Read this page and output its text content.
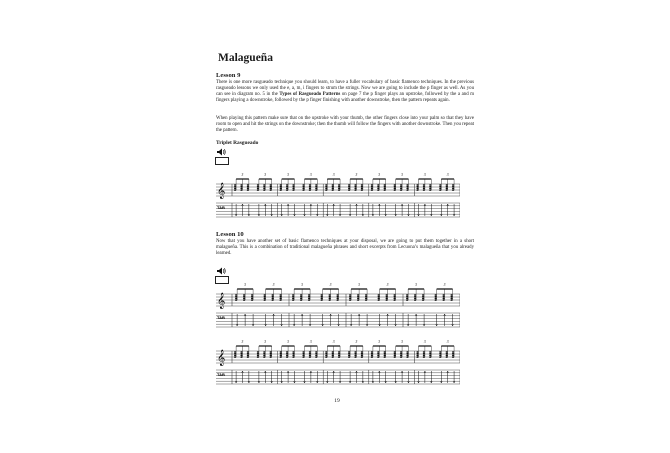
Malagueña
Lesson 9

There is one more rasgueado technique you should learn, to have a fuller vocabulary of basic flamenco techniques. In the previous rasgueado lessons we only used the e, a, m, i fingers to strum the strings. Now we are going to include the p finger as well. As you can see in diagram no. 5 in the Types of Rasgueado Patterns on page 7 the p finger plays an upstroke, followed by the a and m fingers playing a downstroke, followed by the p finger finishing with another downstroke, then the pattern repeats again.

When playing this pattern make sure that on the upstroke with your thumb, the other fingers close into your palm so that they have room to open and hit the strings on the downstroke; then the thumb will follow the fingers with another downstroke. Then you repeat the pattern.

Triplet Rasgueado
𝄞
TAB
3	3	3	3	3	3	3	3	3	3
Lesson 10

Now that you have another set of basic flamenco techniques at your disposal, we are going to put them together in a short malagueña. This is a combination of traditional malagueña phrases and short excerpts from Lecuona’s malagueña that you already learned.

𝄞
TAB
3	3	3	3	3	3	3	3
𝄞
TAB
3	3	3	3	3	3	3	3	3	3
19
